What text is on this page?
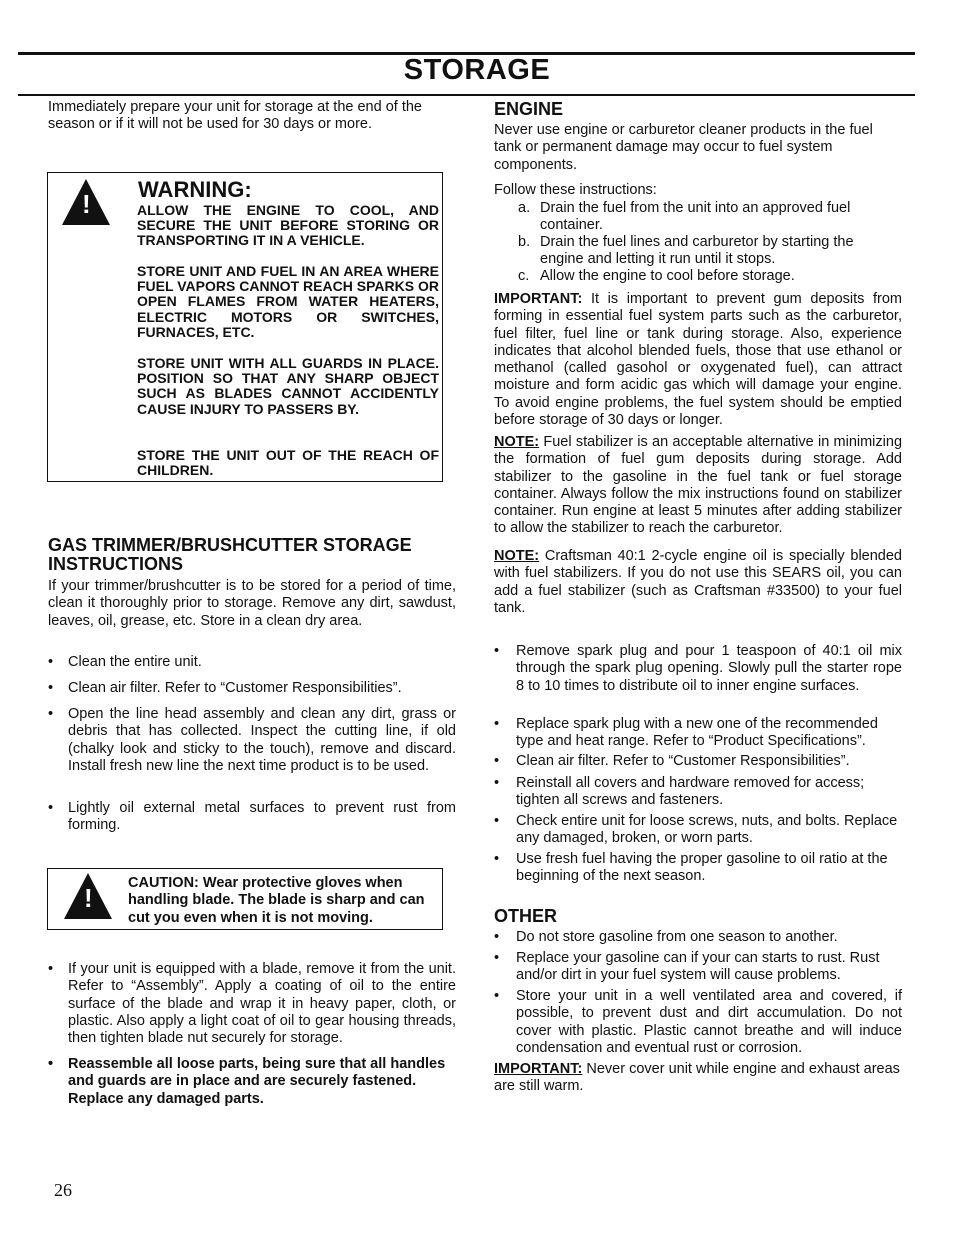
STORAGE
Immediately prepare your unit for storage at the end of the season or if it will not be used for 30 days or more.
! WARNING:
ALLOW THE ENGINE TO COOL, AND SECURE THE UNIT BEFORE STORING OR TRANSPORTING IT IN A VEHICLE.
STORE UNIT AND FUEL IN AN AREA WHERE FUEL VAPORS CANNOT REACH SPARKS OR OPEN FLAMES FROM WATER HEATERS, ELECTRIC MOTORS OR SWITCHES, FURNACES, ETC.
STORE UNIT WITH ALL GUARDS IN PLACE. POSITION SO THAT ANY SHARP OBJECT SUCH AS BLADES CANNOT ACCIDENTLY CAUSE INJURY TO PASSERS BY.
STORE THE UNIT OUT OF THE REACH OF CHILDREN.
GAS TRIMMER/BRUSHCUTTER STORAGE INSTRUCTIONS
If your trimmer/brushcutter is to be stored for a period of time, clean it thoroughly prior to storage. Remove any dirt, sawdust, leaves, oil, grease, etc. Store in a clean dry area.
• Clean the entire unit.
• Clean air filter. Refer to “Customer Responsibilities”.
• Open the line head assembly and clean any dirt, grass or debris that has collected. Inspect the cutting line, if old (chalky look and sticky to the touch), remove and discard. Install fresh new line the next time product is to be used.
• Lightly oil external metal surfaces to prevent rust from forming.
! CAUTION: Wear protective gloves when handling blade. The blade is sharp and can cut you even when it is not moving.
• If your unit is equipped with a blade, remove it from the unit. Refer to “Assembly”. Apply a coating of oil to the entire surface of the blade and wrap it in heavy paper, cloth, or plastic. Also apply a light coat of oil to gear housing threads, then tighten blade nut securely for storage.
• Reassemble all loose parts, being sure that all handles and guards are in place and are securely fastened. Replace any damaged parts.
26
ENGINE
Never use engine or carburetor cleaner products in the fuel tank or permanent damage may occur to fuel system components.
Follow these instructions:
a. Drain the fuel from the unit into an approved fuel container.
b. Drain the fuel lines and carburetor by starting the engine and letting it run until it stops.
c. Allow the engine to cool before storage.
IMPORTANT: It is important to prevent gum deposits from forming in essential fuel system parts such as the carburetor, fuel filter, fuel line or tank during storage. Also, experience indicates that alcohol blended fuels, those that use ethanol or methanol (called gasohol or oxygenated fuel), can attract moisture and form acidic gas which will damage your engine. To avoid engine problems, the fuel system should be emptied before storage of 30 days or longer.
NOTE: Fuel stabilizer is an acceptable alternative in minimizing the formation of fuel gum deposits during storage. Add stabilizer to the gasoline in the fuel tank or fuel storage container. Always follow the mix instructions found on stabilizer container. Run engine at least 5 minutes after adding stabilizer to allow the stabilizer to reach the carburetor.
NOTE: Craftsman 40:1 2-cycle engine oil is specially blended with fuel stabilizers. If you do not use this SEARS oil, you can add a fuel stabilizer (such as Craftsman #33500) to your fuel tank.
• Remove spark plug and pour 1 teaspoon of 40:1 oil mix through the spark plug opening. Slowly pull the starter rope 8 to 10 times to distribute oil to inner engine surfaces.
• Replace spark plug with a new one of the recommended type and heat range. Refer to “Product Specifications”.
• Clean air filter. Refer to “Customer Responsibilities”.
• Reinstall all covers and hardware removed for access; tighten all screws and fasteners.
• Check entire unit for loose screws, nuts, and bolts. Replace any damaged, broken, or worn parts.
• Use fresh fuel having the proper gasoline to oil ratio at the beginning of the next season.
OTHER
• Do not store gasoline from one season to another.
• Replace your gasoline can if your can starts to rust. Rust and/or dirt in your fuel system will cause problems.
• Store your unit in a well ventilated area and covered, if possible, to prevent dust and dirt accumulation. Do not cover with plastic. Plastic cannot breathe and will induce condensation and eventual rust or corrosion.
IMPORTANT: Never cover unit while engine and exhaust areas are still warm.
